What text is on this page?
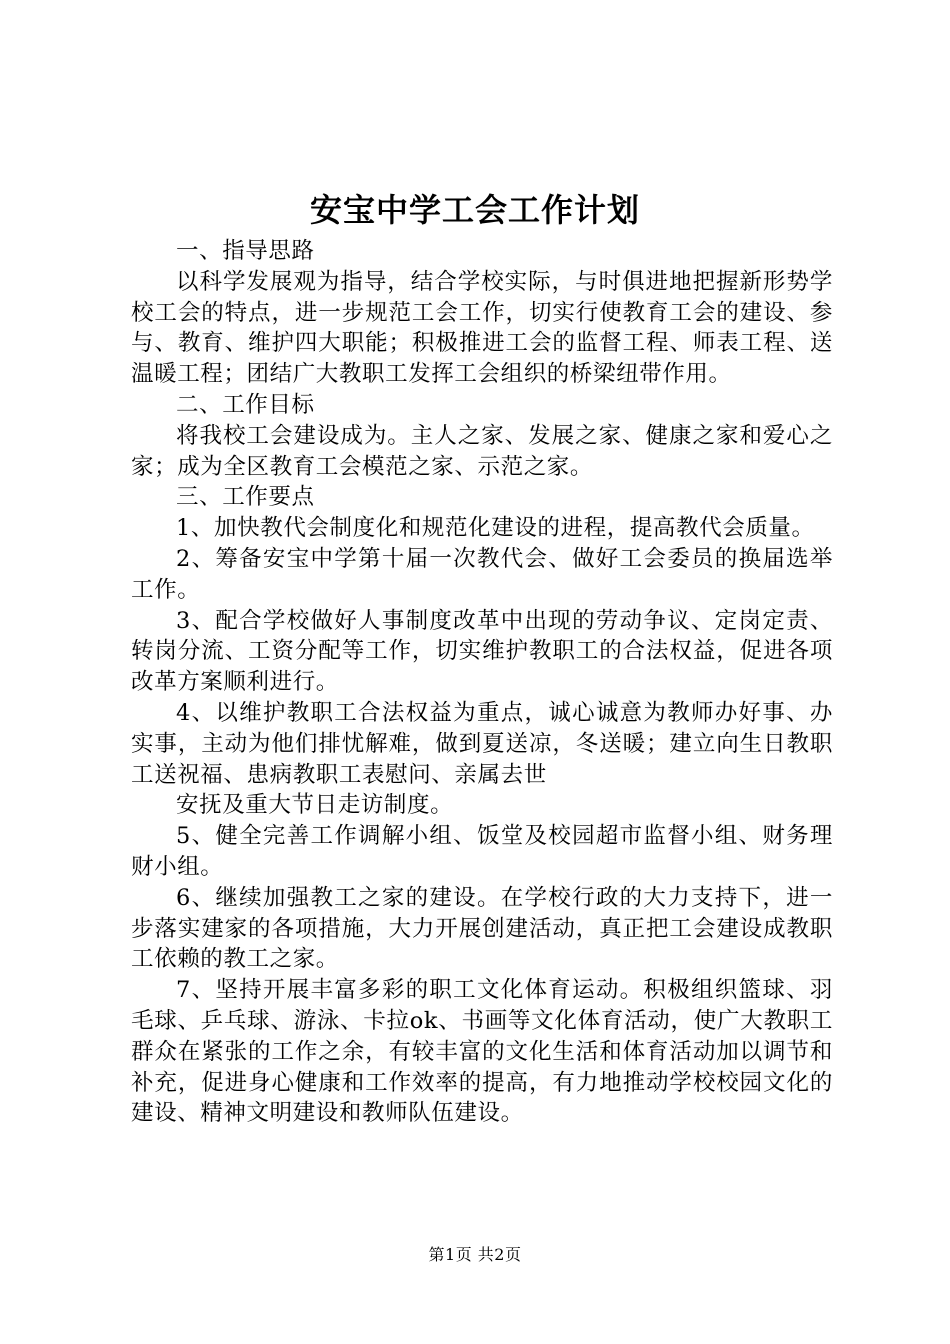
安宝中学工会工作计划

一、指导思路

以科学发展观为指导，结合学校实际，与时俱进地把握新形势学校工会的特点，进一步规范工会工作，切实行使教育工会的建设、参与、教育、维护四大职能；积极推进工会的监督工程、师表工程、送温暖工程；团结广大教职工发挥工会组织的桥梁纽带作用。

二、工作目标

将我校工会建设成为。主人之家、发展之家、健康之家和爱心之家；成为全区教育工会模范之家、示范之家。

三、工作要点

1、加快教代会制度化和规范化建设的进程，提高教代会质量。

2、筹备安宝中学第十届一次教代会、做好工会委员的换届选举工作。

3、配合学校做好人事制度改革中出现的劳动争议、定岗定责、转岗分流、工资分配等工作，切实维护教职工的合法权益，促进各项改革方案顺利进行。

4、以维护教职工合法权益为重点，诚心诚意为教师办好事、办实事，主动为他们排忧解难，做到夏送凉，冬送暖；建立向生日教职工送祝福、患病教职工表慰问、亲属去世

安抚及重大节日走访制度。

5、健全完善工作调解小组、饭堂及校园超市监督小组、财务理财小组。

6、继续加强教工之家的建设。在学校行政的大力支持下，进一步落实建家的各项措施，大力开展创建活动，真正把工会建设成教职工依赖的教工之家。

7、坚持开展丰富多彩的职工文化体育运动。积极组织篮球、羽毛球、乒乓球、游泳、卡拉ok、书画等文化体育活动，使广大教职工群众在紧张的工作之余，有较丰富的文化生活和体育活动加以调节和补充，促进身心健康和工作效率的提高，有力地推动学校校园文化的建设、精神文明建设和教师队伍建设。

第1页 共2页
